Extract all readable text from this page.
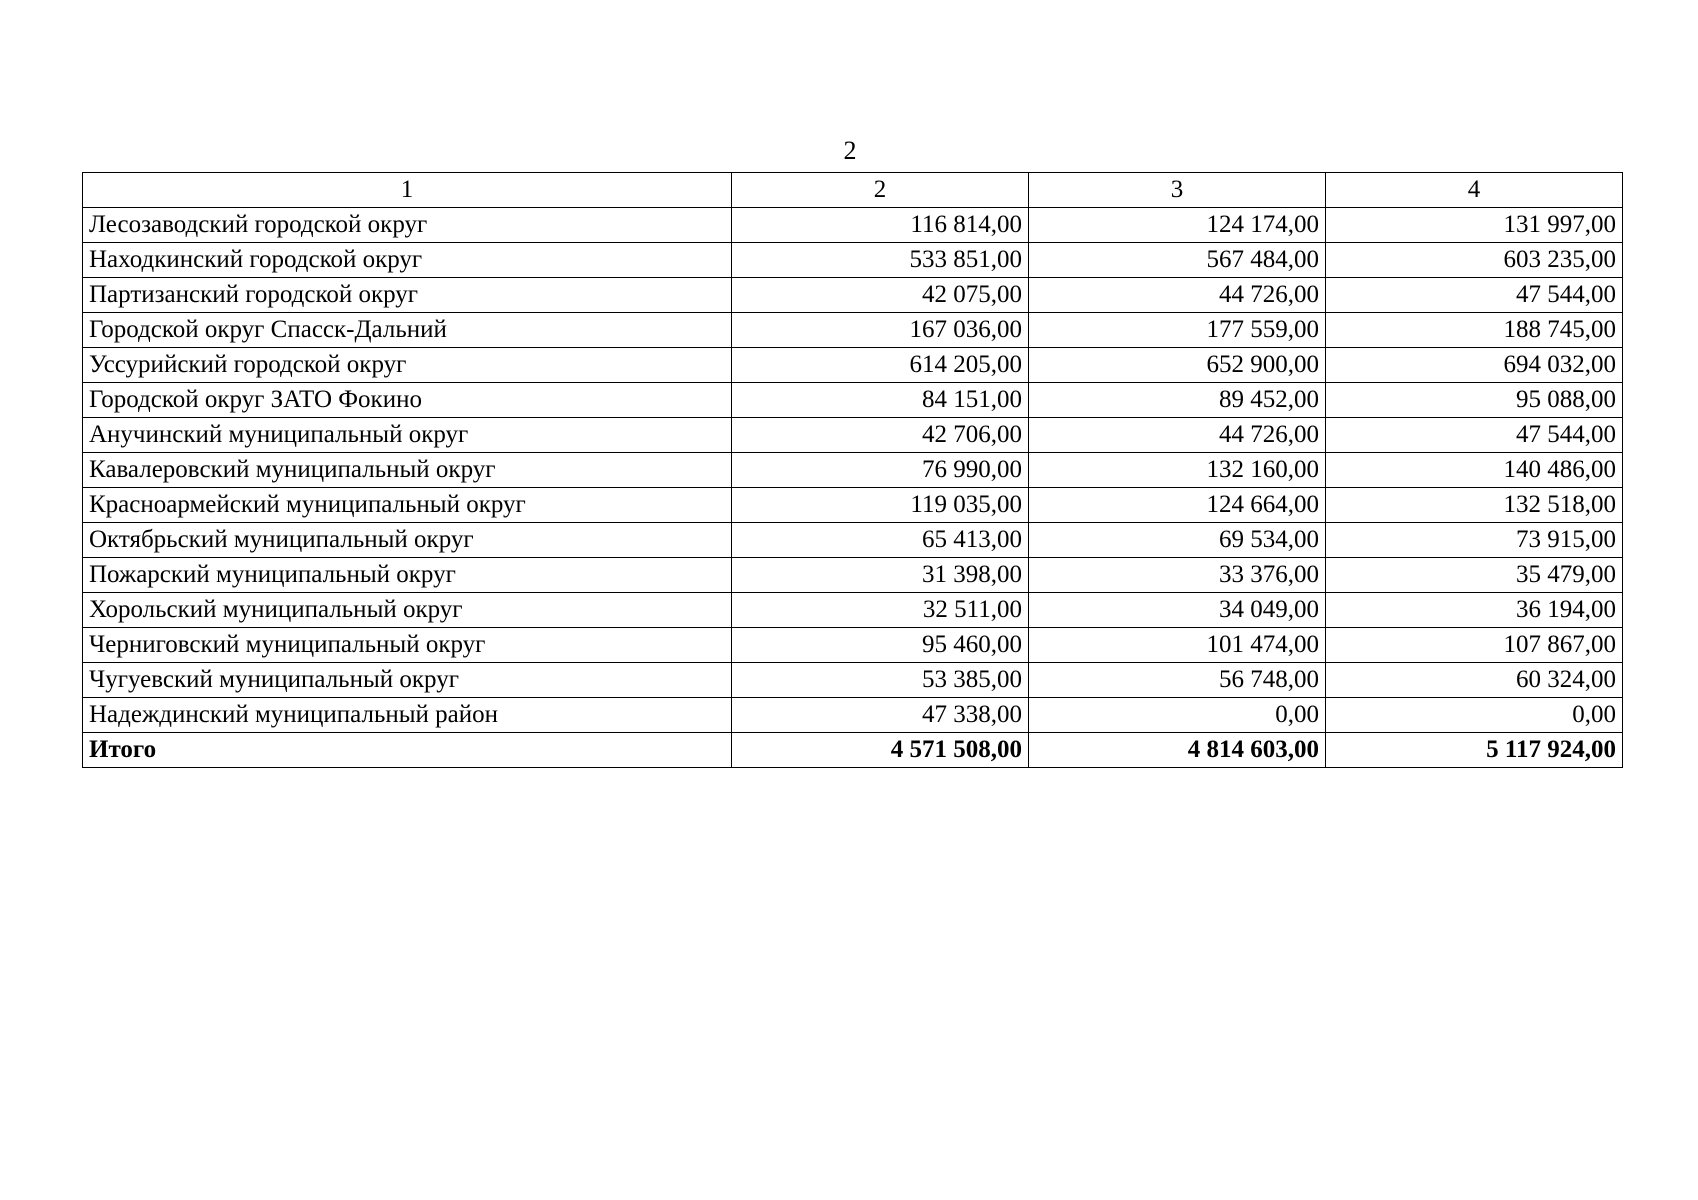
2
1	2	3	4
Лесозаводский городской округ	116 814,00	124 174,00	131 997,00
Находкинский городской округ	533 851,00	567 484,00	603 235,00
Партизанский городской округ	42 075,00	44 726,00	47 544,00
Городской округ Спасск-Дальний	167 036,00	177 559,00	188 745,00
Уссурийский городской округ	614 205,00	652 900,00	694 032,00
Городской округ ЗАТО Фокино	84 151,00	89 452,00	95 088,00
Анучинский муниципальный округ	42 706,00	44 726,00	47 544,00
Кавалеровский муниципальный округ	76 990,00	132 160,00	140 486,00
Красноармейский муниципальный округ	119 035,00	124 664,00	132 518,00
Октябрьский муниципальный округ	65 413,00	69 534,00	73 915,00
Пожарский муниципальный округ	31 398,00	33 376,00	35 479,00
Хорольский муниципальный округ	32 511,00	34 049,00	36 194,00
Черниговский муниципальный округ	95 460,00	101 474,00	107 867,00
Чугуевский муниципальный округ	53 385,00	56 748,00	60 324,00
Надеждинский муниципальный район	47 338,00	0,00	0,00
Итого	4 571 508,00	4 814 603,00	5 117 924,00
